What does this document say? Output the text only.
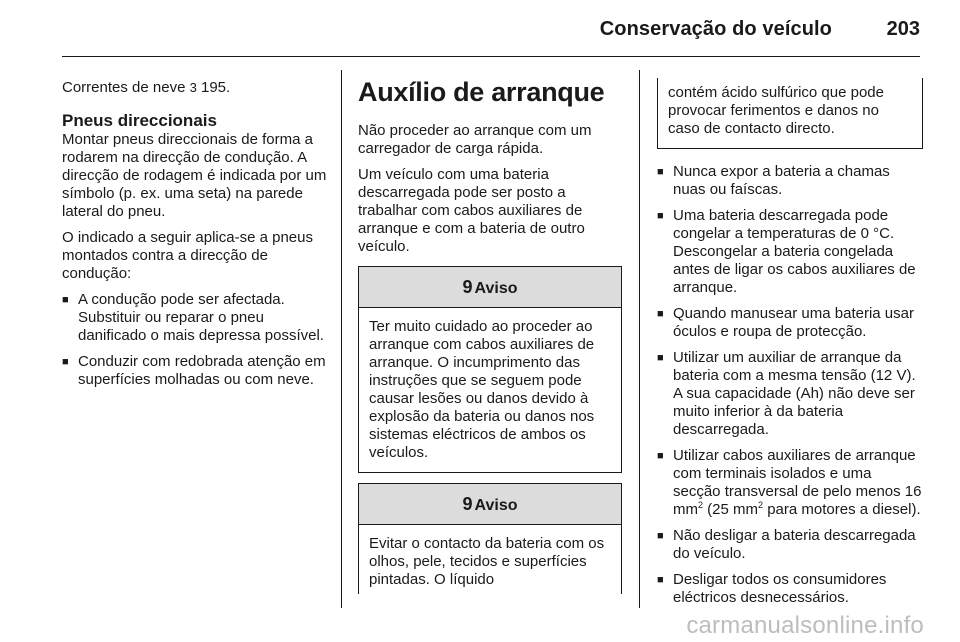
Conservação do veículo	203

Correntes de neve 3 195.

Pneus direccionais

Montar pneus direccionais de forma a rodarem na direcção de condução. A direcção de rodagem é indicada por um símbolo (p. ex. uma seta) na parede lateral do pneu.

O indicado a seguir aplica-se a pneus montados contra a direcção de condução:

■ A condução pode ser afectada. Substituir ou reparar o pneu danificado o mais depressa possível.
■ Conduzir com redobrada atenção em superfícies molhadas ou com neve.
Auxílio de arranque

Não proceder ao arranque com um carregador de carga rápida.

Um veículo com uma bateria descarregada pode ser posto a trabalhar com cabos auxiliares de arranque e com a bateria de outro veículo.

9 Aviso
Ter muito cuidado ao proceder ao arranque com cabos auxiliares de arranque. O incumprimento das instruções que se seguem pode causar lesões ou danos devido à explosão da bateria ou danos nos sistemas eléctricos de ambos os veículos.
9 Aviso
Evitar o contacto da bateria com os olhos, pele, tecidos e superfícies pintadas. O líquido
contém ácido sulfúrico que pode provocar ferimentos e danos no caso de contacto directo.
■ Nunca expor a bateria a chamas nuas ou faíscas.
■ Uma bateria descarregada pode congelar a temperaturas de 0 °C. Descongelar a bateria congelada antes de ligar os cabos auxiliares de arranque.
■ Quando manusear uma bateria usar óculos e roupa de protecção.
■ Utilizar um auxiliar de arranque da bateria com a mesma tensão (12 V). A sua capacidade (Ah) não deve ser muito inferior à da bateria descarregada.
■ Utilizar cabos auxiliares de arranque com terminais isolados e uma secção transversal de pelo menos 16 $mm^2$ (25 $mm^2$ para motores a diesel).
■ Não desligar a bateria descarregada do veículo.
■ Desligar todos os consumidores eléctricos desnecessários.
carmanualsonline.info
